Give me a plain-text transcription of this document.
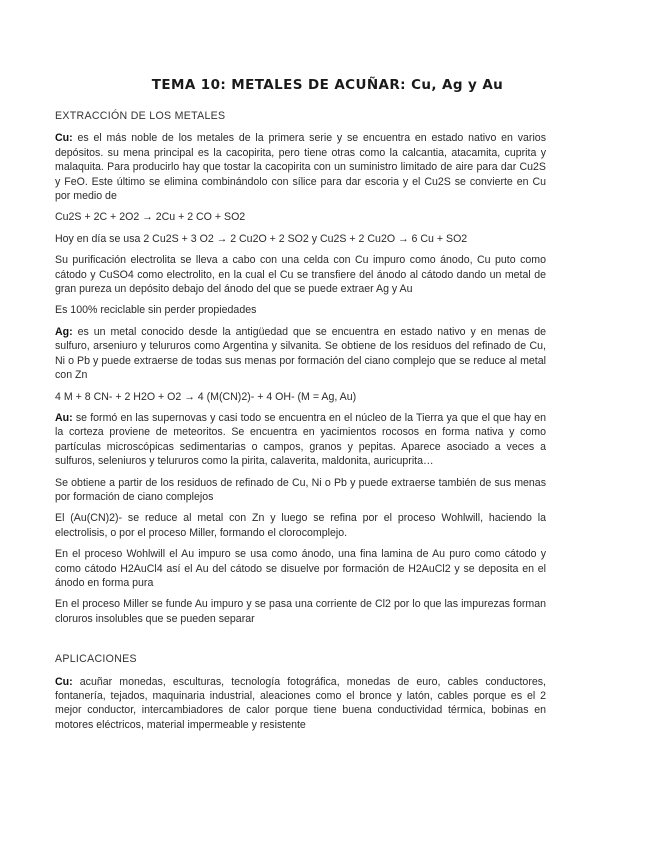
TEMA 10: METALES DE ACUÑAR: Cu, Ag y Au
EXTRACCIÓN DE LOS METALES

Cu: es el más noble de los metales de la primera serie y se encuentra en estado nativo en varios depósitos. su mena principal es la cacopirita, pero tiene otras como la calcantia, atacamita, cuprita y malaquita. Para producirlo hay que tostar la cacopirita con un suministro limitado de aire para dar Cu2S y FeO. Este último se elimina combinándolo con sílice para dar escoria y el Cu2S se convierte en Cu por medio de

Cu2S + 2C + 2O2 → 2Cu + 2 CO + SO2

Hoy en día se usa 2 Cu2S + 3 O2 → 2 Cu2O + 2 SO2 y Cu2S + 2 Cu2O → 6 Cu + SO2

Su purificación electrolita se lleva a cabo con una celda con Cu impuro como ánodo, Cu puto como cátodo y CuSO4 como electrolito, en la cual el Cu se transfiere del ánodo al cátodo dando un metal de gran pureza un depósito debajo del ánodo del que se puede extraer Ag y Au

Es 100% reciclable sin perder propiedades

Ag: es un metal conocido desde la antigüedad que se encuentra en estado nativo y en menas de sulfuro, arseniuro y telururos como Argentina y silvanita. Se obtiene de los residuos del refinado de Cu, Ni o Pb y puede extraerse de todas sus menas por formación del ciano complejo que se reduce al metal con Zn

4 M + 8 CN- + 2 H2O + O2 → 4 (M(CN)2)- + 4 OH- (M = Ag, Au)

Au: se formó en las supernovas y casi todo se encuentra en el núcleo de la Tierra ya que el que hay en la corteza proviene de meteoritos. Se encuentra en yacimientos rocosos en forma nativa y como partículas microscópicas sedimentarias o campos, granos y pepitas. Aparece asociado a veces a sulfuros, seleniuros y telururos como la pirita, calaverita, maldonita, auricuprita…

Se obtiene a partir de los residuos de refinado de Cu, Ni o Pb y puede extraerse también de sus menas por formación de ciano complejos

El (Au(CN)2)- se reduce al metal con Zn y luego se refina por el proceso Wohlwill, haciendo la electrolisis, o por el proceso Miller, formando el clorocomplejo.

En el proceso Wohlwill el Au impuro se usa como ánodo, una fina lamina de Au puro como cátodo y como cátodo H2AuCl4 así el Au del cátodo se disuelve por formación de H2AuCl2 y se deposita en el ánodo en forma pura

En el proceso Miller se funde Au impuro y se pasa una corriente de Cl2 por lo que las impurezas forman cloruros insolubles que se pueden separar

APLICACIONES

Cu: acuñar monedas, esculturas, tecnología fotográfica, monedas de euro, cables conductores, fontanería, tejados, maquinaria industrial, aleaciones como el bronce y latón, cables porque es el 2 mejor conductor, intercambiadores de calor porque tiene buena conductividad térmica, bobinas en motores eléctricos, material impermeable y resistente
